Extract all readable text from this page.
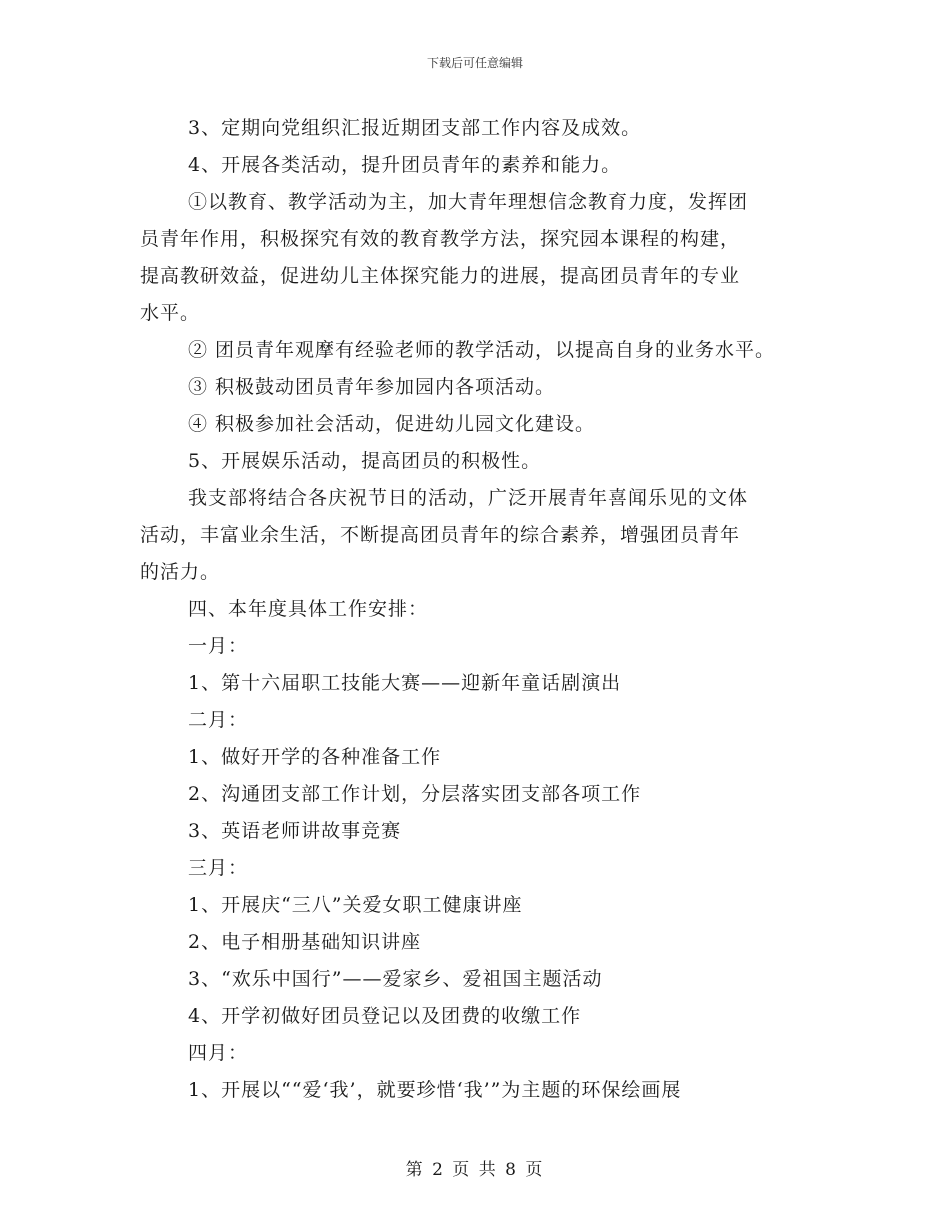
下载后可任意编辑
3、定期向党组织汇报近期团支部工作内容及成效。
4、开展各类活动，提升团员青年的素养和能力。
①以教育、教学活动为主，加大青年理想信念教育力度，发挥团
员青年作用，积极探究有效的教育教学方法，探究园本课程的构建，
提高教研效益，促进幼儿主体探究能力的进展，提高团员青年的专业
水平。
② 团员青年观摩有经验老师的教学活动，以提高自身的业务水平。
③ 积极鼓动团员青年参加园内各项活动。
④ 积极参加社会活动，促进幼儿园文化建设。
5、开展娱乐活动，提高团员的积极性。
我支部将结合各庆祝节日的活动，广泛开展青年喜闻乐见的文体
活动，丰富业余生活，不断提高团员青年的综合素养，增强团员青年
的活力。
四、本年度具体工作安排：
一月：
1、第十六届职工技能大赛——迎新年童话剧演出
二月：
1、做好开学的各种准备工作
2、沟通团支部工作计划，分层落实团支部各项工作
3、英语老师讲故事竞赛
三月：
1、开展庆“三八”关爱女职工健康讲座
2、电子相册基础知识讲座
3、“欢乐中国行”——爱家乡、爱祖国主题活动
4、开学初做好团员登记以及团费的收缴工作
四月：
1、开展以““爱‘我’，就要珍惜‘我’”为主题的环保绘画展
第 2 页 共 8 页
